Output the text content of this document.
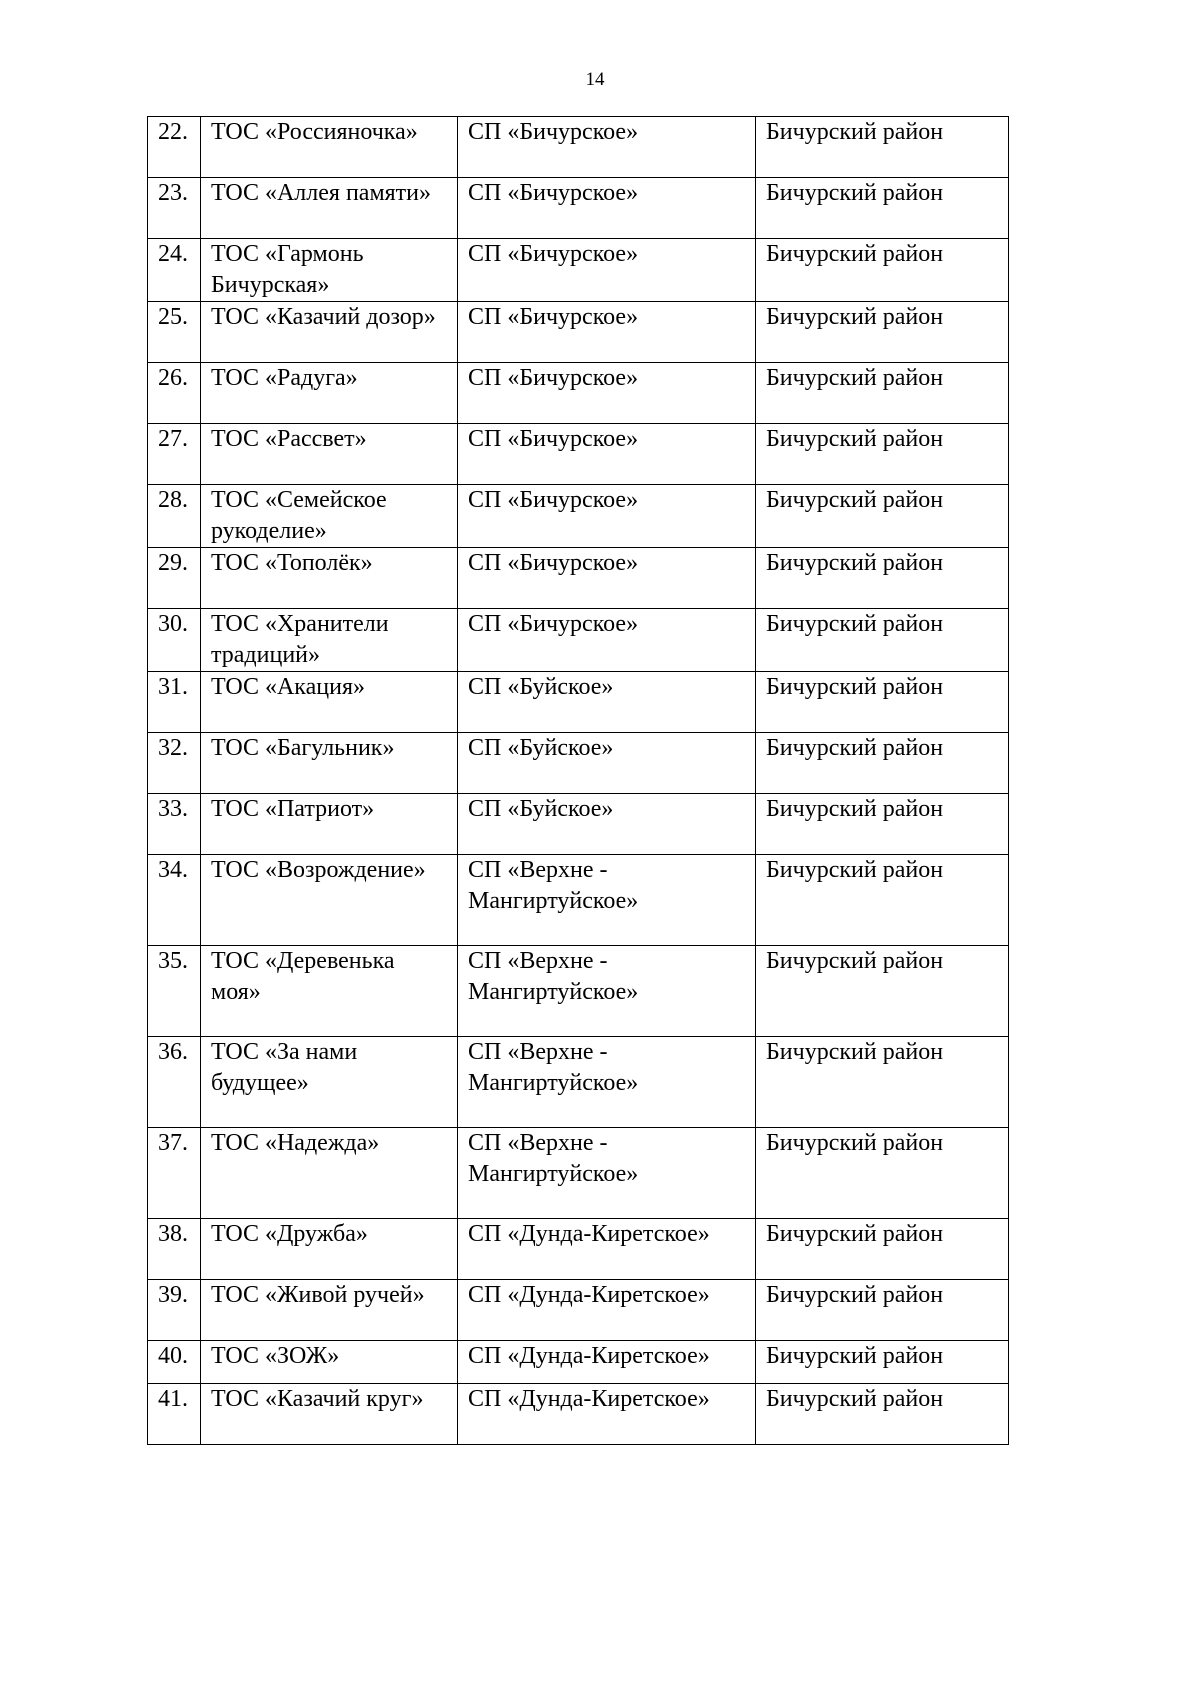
14
22.	ТОС «Россияночка»	СП «Бичурское»	Бичурский район
23.	ТОС «Аллея памяти»	СП «Бичурское»	Бичурский район
24.	ТОС «Гармонь Бичурская»	СП «Бичурское»	Бичурский район
25.	ТОС «Казачий дозор»	СП «Бичурское»	Бичурский район
26.	ТОС «Радуга»	СП «Бичурское»	Бичурский район
27.	ТОС «Рассвет»	СП «Бичурское»	Бичурский район
28.	ТОС «Семейское рукоделие»	СП «Бичурское»	Бичурский район
29.	ТОС «Тополёк»	СП «Бичурское»	Бичурский район
30.	ТОС «Хранители традиций»	СП «Бичурское»	Бичурский район
31.	ТОС «Акация»	СП «Буйское»	Бичурский район
32.	ТОС «Багульник»	СП «Буйское»	Бичурский район
33.	ТОС «Патриот»	СП «Буйское»	Бичурский район
34.	ТОС «Возрождение»	СП «Верхне - Мангиртуйское»	Бичурский район
35.	ТОС «Деревенька моя»	СП «Верхне - Мангиртуйское»	Бичурский район
36.	ТОС «За нами будущее»	СП «Верхне - Мангиртуйское»	Бичурский район
37.	ТОС «Надежда»	СП «Верхне - Мангиртуйское»	Бичурский район
38.	ТОС «Дружба»	СП «Дунда-Киретское»	Бичурский район
39.	ТОС «Живой ручей»	СП «Дунда-Киретское»	Бичурский район
40.	ТОС «ЗОЖ»	СП «Дунда-Киретское»	Бичурский район
41.	ТОС «Казачий круг»	СП «Дунда-Киретское»	Бичурский район
